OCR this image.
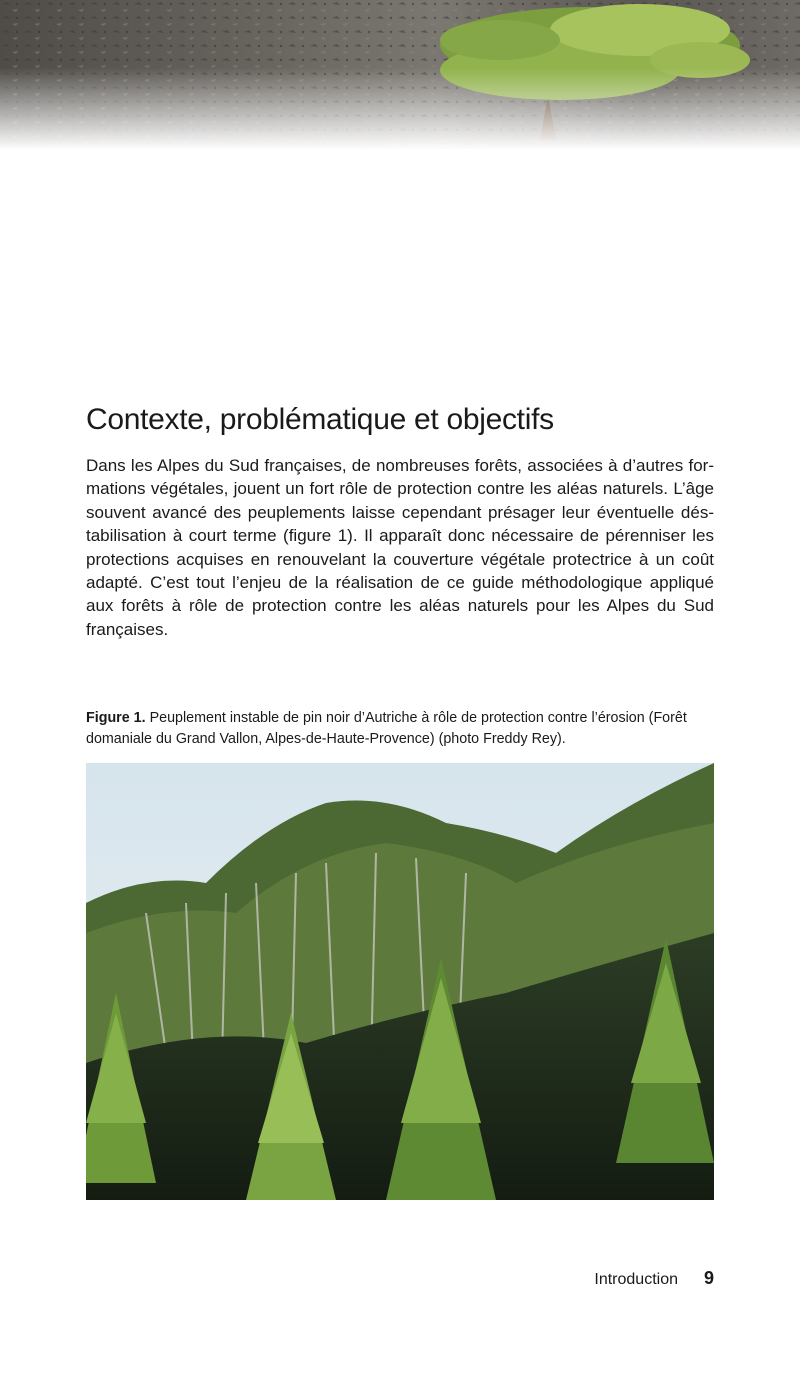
Contexte, problématique et objectifs

Dans les Alpes du Sud françaises, de nombreuses forêts, associées à d’autres formations végétales, jouent un fort rôle de protection contre les aléas naturels. L’âge souvent avancé des peuplements laisse cependant présager leur éventuelle déstabilisation à court terme (figure 1). Il apparaît donc nécessaire de pérenniser les protections acquises en renouvelant la couverture végétale protectrice à un coût adapté. C’est tout l’enjeu de la réalisation de ce guide méthodologique appliqué aux forêts à rôle de protection contre les aléas naturels pour les Alpes du Sud françaises.

Figure 1. Peuplement instable de pin noir d’Autriche à rôle de protection contre l’érosion (Forêt domaniale du Grand Vallon, Alpes-de-Haute-Provence) (photo Freddy Rey).

Introduction 9
